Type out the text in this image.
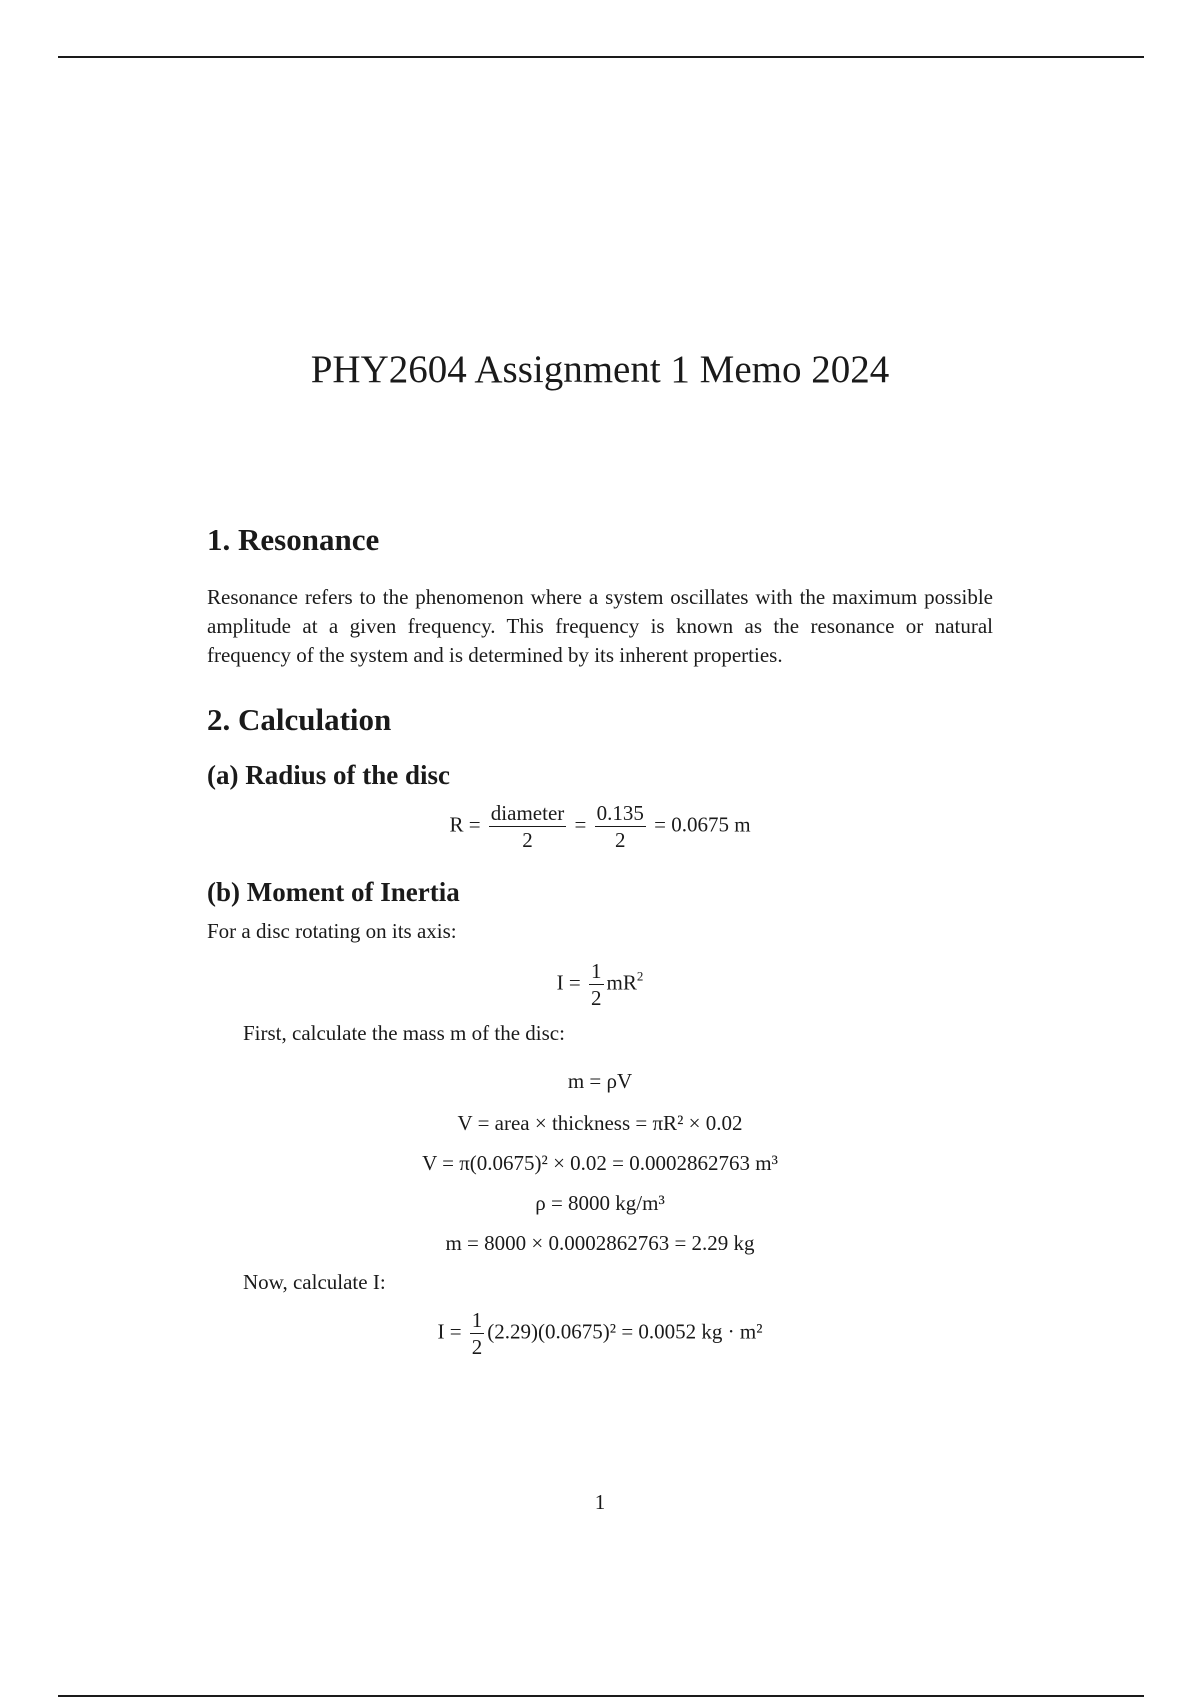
PHY2604 Assignment 1 Memo 2024
1. Resonance

Resonance refers to the phenomenon where a system oscillates with the maximum possible amplitude at a given frequency. This frequency is known as the resonance or natural frequency of the system and is determined by its inherent properties.

2. Calculation
(a) Radius of the disc
$R = \frac{\text{diameter}}{2} = \frac{0.135}{2} = 0.0675$ m
(b) Moment of Inertia

For a disc rotating on its axis:

$I = \frac{1}{2} mR^2$

First, calculate the mass m of the disc:

m = ρV
V = area × thickness = πR² × 0.02
V = π(0.0675)² × 0.02 = 0.0002862763 m³
ρ = 8000 kg/m³
m = 8000 × 0.0002862763 = 2.29 kg

Now, calculate I:

$I = \frac{1}{2} (2.29)(0.0675)^2 = 0.0052$ kg · m²
1
